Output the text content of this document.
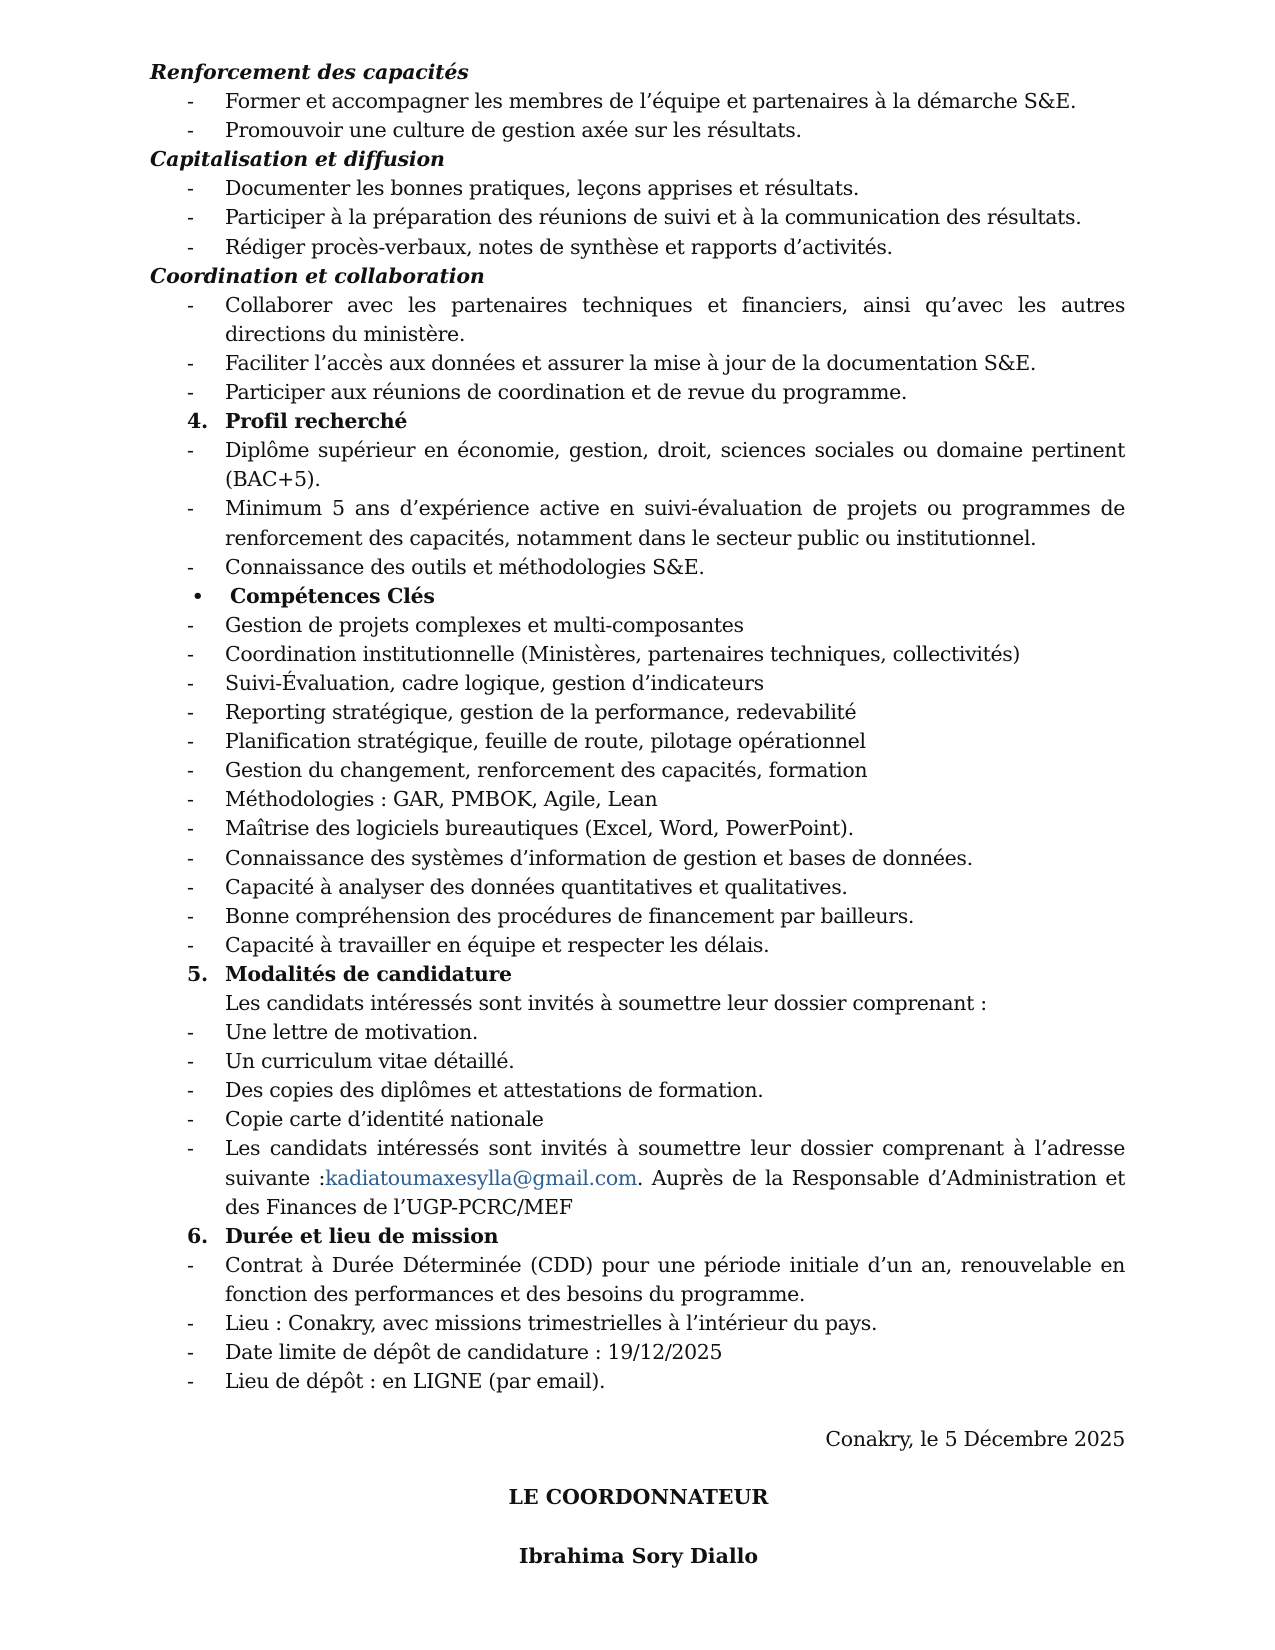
Renforcement des capacités
- Former et accompagner les membres de l’équipe et partenaires à la démarche S&E.
- Promouvoir une culture de gestion axée sur les résultats.
Capitalisation et diffusion
- Documenter les bonnes pratiques, leçons apprises et résultats.
- Participer à la préparation des réunions de suivi et à la communication des résultats.
- Rédiger procès-verbaux, notes de synthèse et rapports d’activités.
Coordination et collaboration
- Collaborer avec les partenaires techniques et financiers, ainsi qu’avec les autres directions du ministère.
- Faciliter l’accès aux données et assurer la mise à jour de la documentation S&E.
- Participer aux réunions de coordination et de revue du programme.
4. Profil recherché
- Diplôme supérieur en économie, gestion, droit, sciences sociales ou domaine pertinent (BAC+5).
- Minimum 5 ans d’expérience active en suivi-évaluation de projets ou programmes de renforcement des capacités, notamment dans le secteur public ou institutionnel.
- Connaissance des outils et méthodologies S&E.
• Compétences Clés
- Gestion de projets complexes et multi-composantes
- Coordination institutionnelle (Ministères, partenaires techniques, collectivités)
- Suivi-Évaluation, cadre logique, gestion d’indicateurs
- Reporting stratégique, gestion de la performance, redevabilité
- Planification stratégique, feuille de route, pilotage opérationnel
- Gestion du changement, renforcement des capacités, formation
- Méthodologies : GAR, PMBOK, Agile, Lean
- Maîtrise des logiciels bureautiques (Excel, Word, PowerPoint).
- Connaissance des systèmes d’information de gestion et bases de données.
- Capacité à analyser des données quantitatives et qualitatives.
- Bonne compréhension des procédures de financement par bailleurs.
- Capacité à travailler en équipe et respecter les délais.
5. Modalités de candidature
Les candidats intéressés sont invités à soumettre leur dossier comprenant :
- Une lettre de motivation.
- Un curriculum vitae détaillé.
- Des copies des diplômes et attestations de formation.
- Copie carte d’identité nationale
- Les candidats intéressés sont invités à soumettre leur dossier comprenant à l’adresse suivante :kadiatoumaxesylla@gmail.com. Auprès de la Responsable d’Administration et des Finances de l’UGP-PCRC/MEF
6. Durée et lieu de mission
- Contrat à Durée Déterminée (CDD) pour une période initiale d’un an, renouvelable en fonction des performances et des besoins du programme.
- Lieu : Conakry, avec missions trimestrielles à l’intérieur du pays.
- Date limite de dépôt de candidature : 19/12/2025
- Lieu de dépôt : en LIGNE (par email).
Conakry, le 5 Décembre 2025
LE COORDONNATEUR
Ibrahima Sory Diallo
